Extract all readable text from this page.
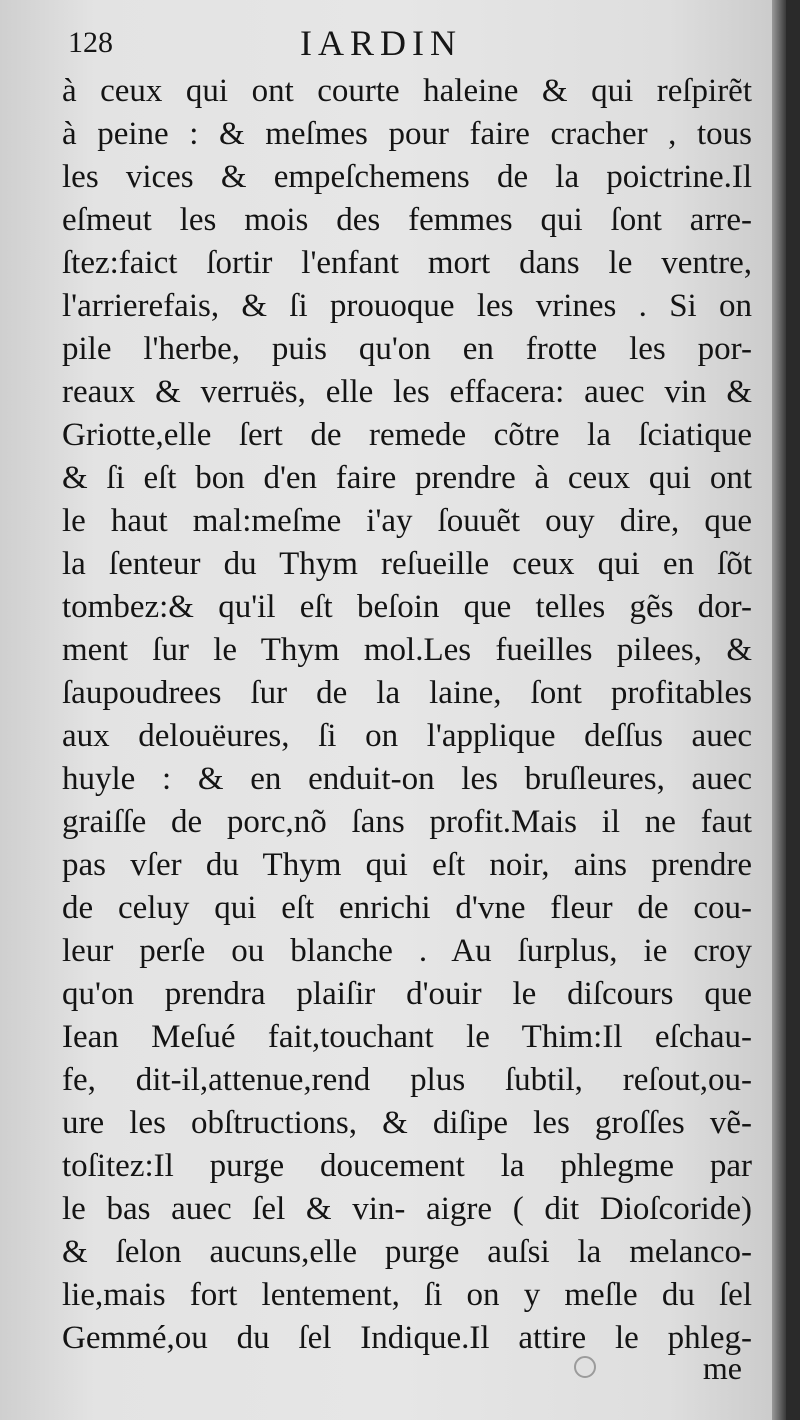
128	IARDIN
à ceux qui ont courte haleine & qui reſpirẽt
à peine : & meſmes pour faire cracher , tous
les vices & empeſchemens de la poictrine.Il
eſmeut les mois des femmes qui ſont arre-
ſtez:faict ſortir l'enfant mort dans le ventre,
l'arrierefais, & ſi prouoque les vrines . Si on
pile l'herbe, puis qu'on en frotte les por-
reaux & verruës, elle les effacera: auec vin &
Griotte,elle ſert de remede cõtre la ſciatique
& ſi eſt bon d'en faire prendre à ceux qui ont
le haut mal:meſme i'ay ſouuẽt ouy dire, que
la ſenteur du Thym reſueille ceux qui en ſõt
tombez:& qu'il eſt beſoin que telles gẽs dor-
ment ſur le Thym mol.Les fueilles pilees, &
ſaupoudrees ſur de la laine, ſont profitables
aux delouëures, ſi on l'applique deſſus auec
huyle : & en enduit-on les bruſleures, auec
graiſſe de porc,nõ ſans profit.Mais il ne faut
pas vſer du Thym qui eſt noir, ains prendre
de celuy qui eſt enrichi d'vne fleur de cou-
leur perſe ou blanche . Au ſurplus, ie croy
qu'on prendra plaiſir d'ouir le diſcours que
Iean Meſué fait,touchant le Thim:Il eſchau-
fe, dit-il,attenue,rend plus ſubtil, reſout,ou-
ure les obſtructions, & diſipe les groſſes vẽ-
toſitez:Il purge doucement la phlegme par
le bas auec ſel & vin- aigre ( dit Dioſcoride)
& ſelon aucuns,elle purge auſsi la melanco-
lie,mais fort lentement, ſi on y meſle du ſel
Gemmé,ou du ſel Indique.Il attire le phleg-
me
